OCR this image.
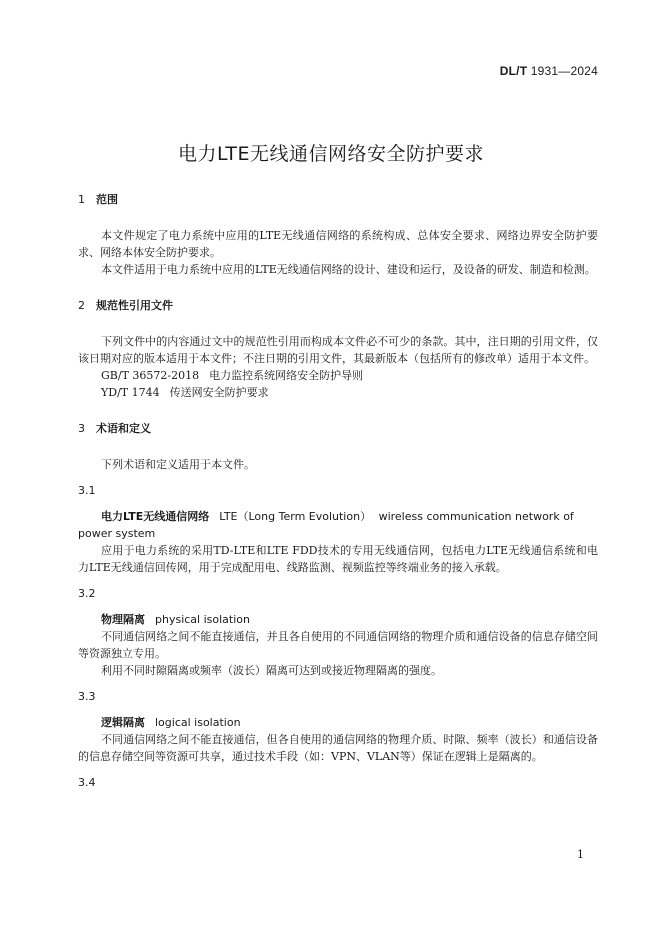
DL/T 1931—2024
电力LTE无线通信网络安全防护要求
1 范围

本文件规定了电力系统中应用的LTE无线通信网络的系统构成、总体安全要求、网络边界安全防护要求、网络本体安全防护要求。

本文件适用于电力系统中应用的LTE无线通信网络的设计、建设和运行，及设备的研发、制造和检测。

2 规范性引用文件

下列文件中的内容通过文中的规范性引用而构成本文件必不可少的条款。其中，注日期的引用文件，仅该日期对应的版本适用于本文件；不注日期的引用文件，其最新版本（包括所有的修改单）适用于本文件。

GB/T 36572-2018 电力监控系统网络安全防护导则

YD/T 1744 传送网安全防护要求

3 术语和定义

下列术语和定义适用于本文件。

3.1

电力LTE无线通信网络 LTE（Long Term Evolution） wireless communication network of power system

应用于电力系统的采用TD-LTE和LTE FDD技术的专用无线通信网，包括电力LTE无线通信系统和电力LTE无线通信回传网，用于完成配用电、线路监测、视频监控等终端业务的接入承载。

3.2

物理隔离 physical isolation

不同通信网络之间不能直接通信，并且各自使用的不同通信网络的物理介质和通信设备的信息存储空间等资源独立专用。

利用不同时隙隔离或频率（波长）隔离可达到或接近物理隔离的强度。

3.3

逻辑隔离 logical isolation

不同通信网络之间不能直接通信，但各自使用的通信网络的物理介质、时隙、频率（波长）和通信设备的信息存储空间等资源可共享，通过技术手段（如：VPN、VLAN等）保证在逻辑上是隔离的。

3.4
1
